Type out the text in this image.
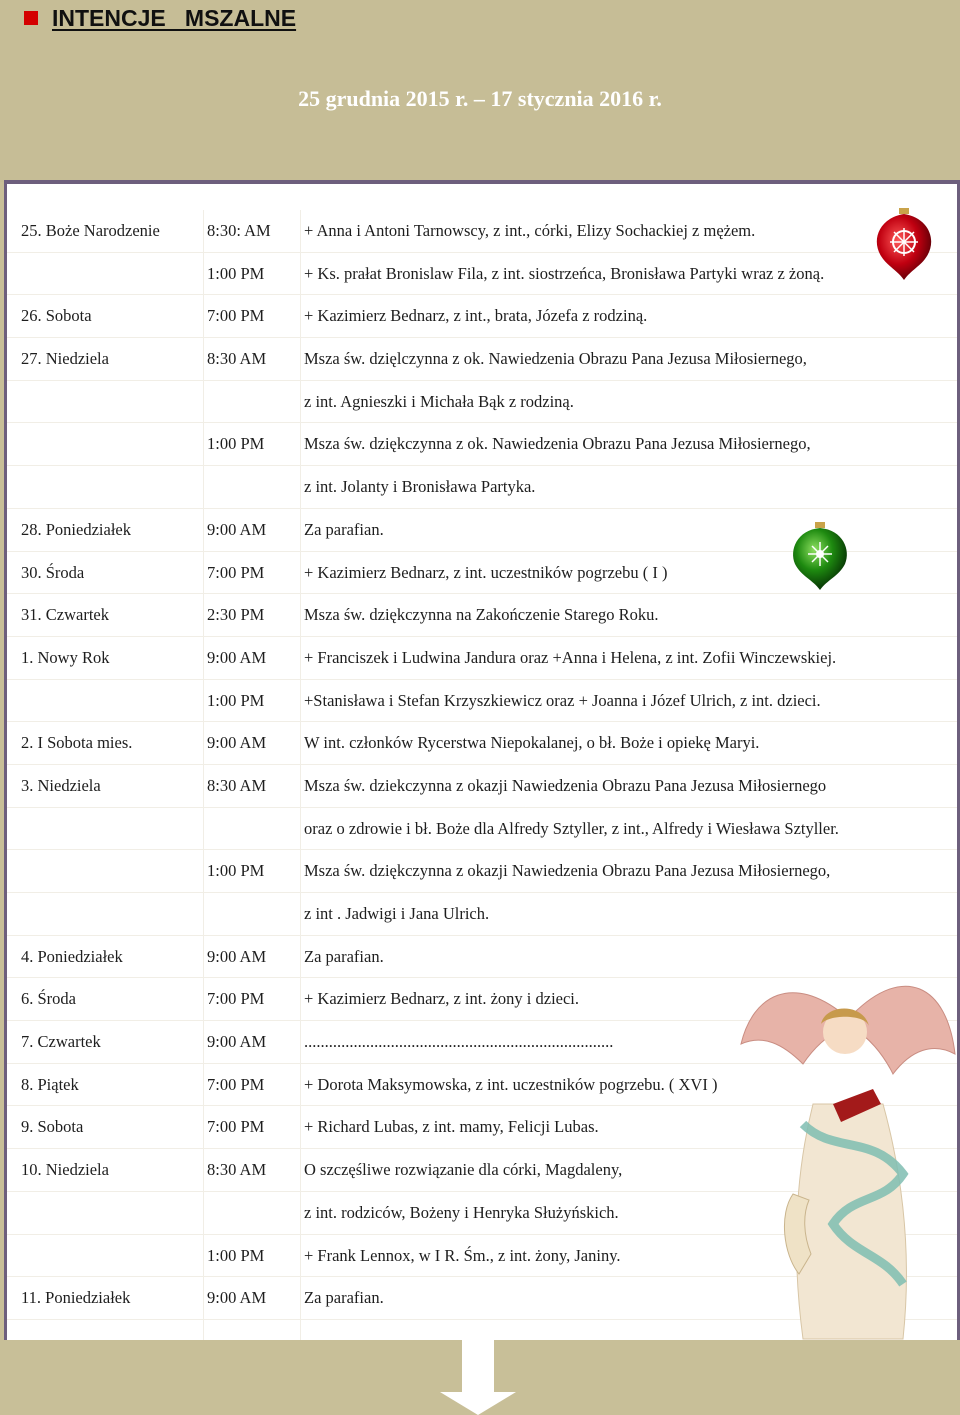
INTENCJE   MSZALNE
25 grudnia 2015 r. – 17 stycznia 2016 r.
25. Boże Narodzenie	8:30: AM + Anna i Antoni Tarnowscy, z int., córki, Elizy Sochackiej z mężem.
1:00 PM + Ks. prałat Bronislaw Fila, z int. siostrzeńca, Bronisława Partyki wraz z żoną.
26. Sobota	7:00 PM + Kazimierz Bednarz, z int., brata, Józefa z rodziną.
27. Niedziela	8:30 AM Msza św. dzięlczynna z ok. Nawiedzenia Obrazu Pana Jezusa Miłosiernego,
z int. Agnieszki i Michała Bąk z rodziną.
1:00 PM Msza św. dziękczynna z ok. Nawiedzenia Obrazu Pana Jezusa Miłosiernego,
z int. Jolanty i Bronisława Partyka.
28. Poniedziałek	9:00 AM Za parafian.
30. Środa	7:00 PM + Kazimierz Bednarz, z int. uczestników pogrzebu ( I )
31. Czwartek	2:30 PM Msza św. dziękczynna na Zakończenie Starego Roku.
1. Nowy Rok	9:00 AM + Franciszek i Ludwina Jandura oraz +Anna i Helena, z int. Zofii Winczewskiej.
1:00 PM +Stanisława i Stefan Krzyszkiewicz oraz + Joanna i Józef Ulrich, z int. dzieci.
2. I Sobota mies.	9:00 AM W int. członków Rycerstwa Niepokalanej, o bł. Boże i opiekę Maryi.
3. Niedziela	8:30 AM Msza św. dziekczynna z okazji Nawiedzenia Obrazu Pana Jezusa Miłosiernego
oraz o zdrowie i bł. Boże dla Alfredy Sztyller, z int., Alfredy i Wiesława Sztyller.
1:00 PM Msza św. dziękczynna z okazji Nawiedzenia Obrazu Pana Jezusa Miłosiernego,
z int . Jadwigi i Jana Ulrich.
4. Poniedziałek	9:00 AM Za parafian.
6. Środa	7:00 PM + Kazimierz Bednarz, z int. żony i dzieci.
7. Czwartek	9:00 AM ...........................................................................
8. Piątek	7:00 PM + Dorota Maksymowska, z int. uczestników pogrzebu. ( XVI )
9. Sobota	7:00 PM + Richard Lubas, z int. mamy, Felicji Lubas.
10. Niedziela	8:30 AM O szczęśliwe rozwiązanie dla córki, Magdaleny,
z int. rodziców, Bożeny i Henryka Służyńskich.
1:00 PM + Frank Lennox, w I R. Śm., z int. żony, Janiny.
11. Poniedziałek	9:00 AM Za parafian.
